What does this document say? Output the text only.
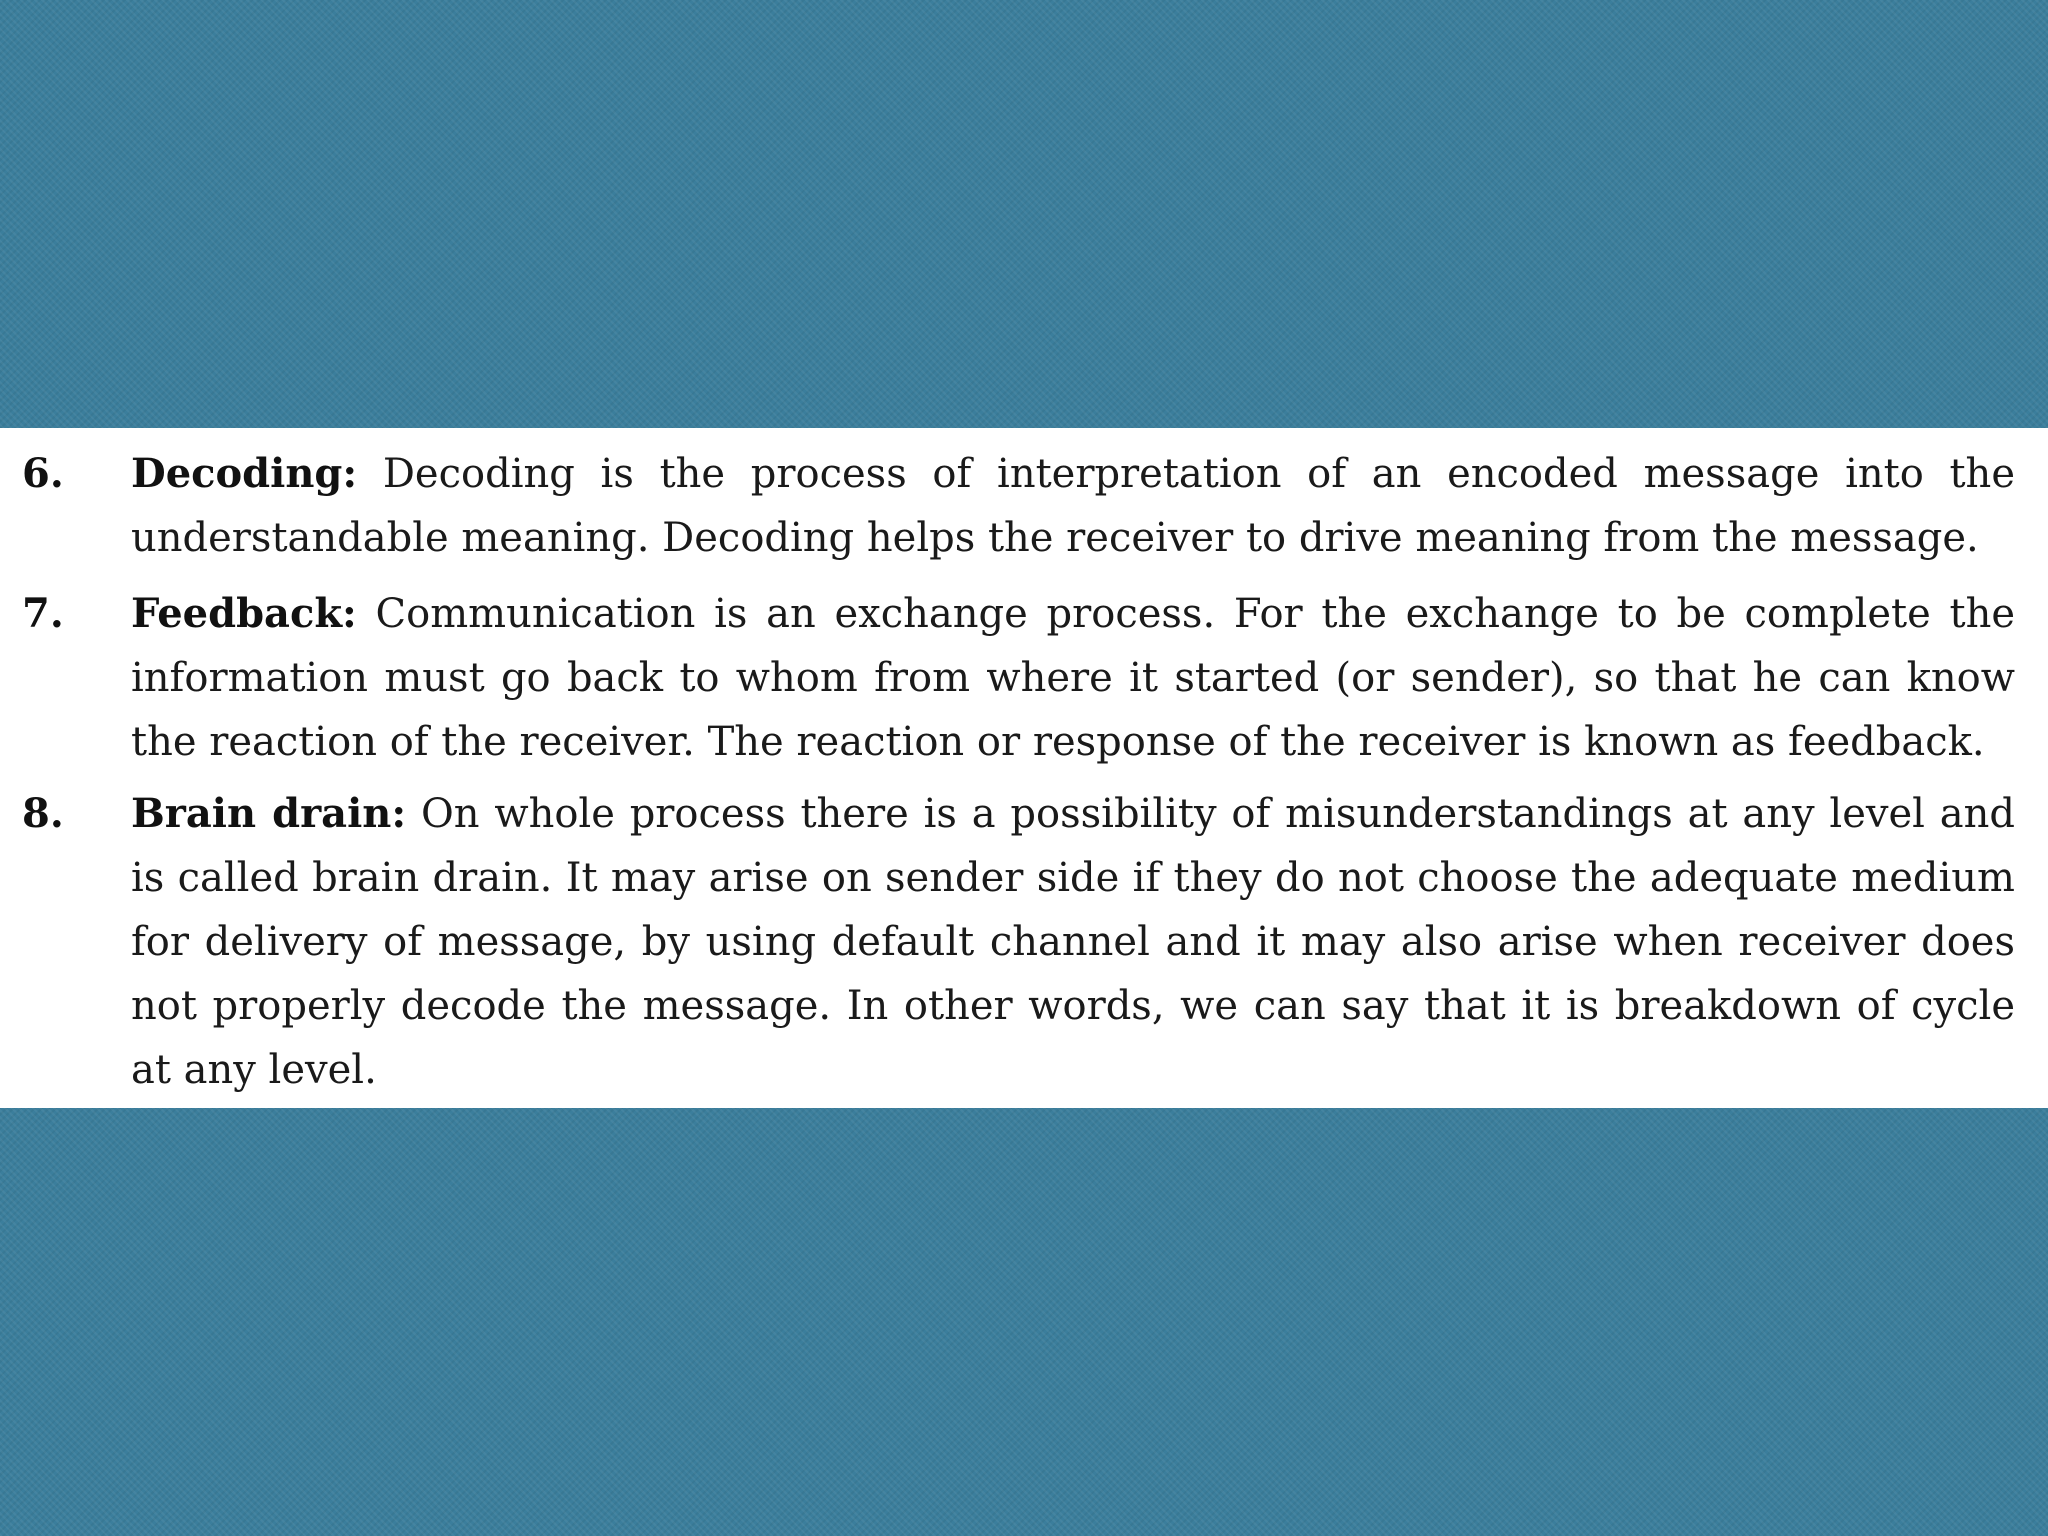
6. Decoding: Decoding is the process of interpretation of an encoded message into the understandable meaning. Decoding helps the receiver to drive meaning from the message.

7. Feedback: Communication is an exchange process. For the exchange to be complete the information must go back to whom from where it started (or sender), so that he can know the reaction of the receiver. The reaction or response of the receiver is known as feedback.

8. Brain drain: On whole process there is a possibility of misunderstandings at any level and is called brain drain. It may arise on sender side if they do not choose the adequate medium for delivery of message, by using default channel and it may also arise when receiver does not properly decode the message. In other words, we can say that it is breakdown of cycle at any level.
